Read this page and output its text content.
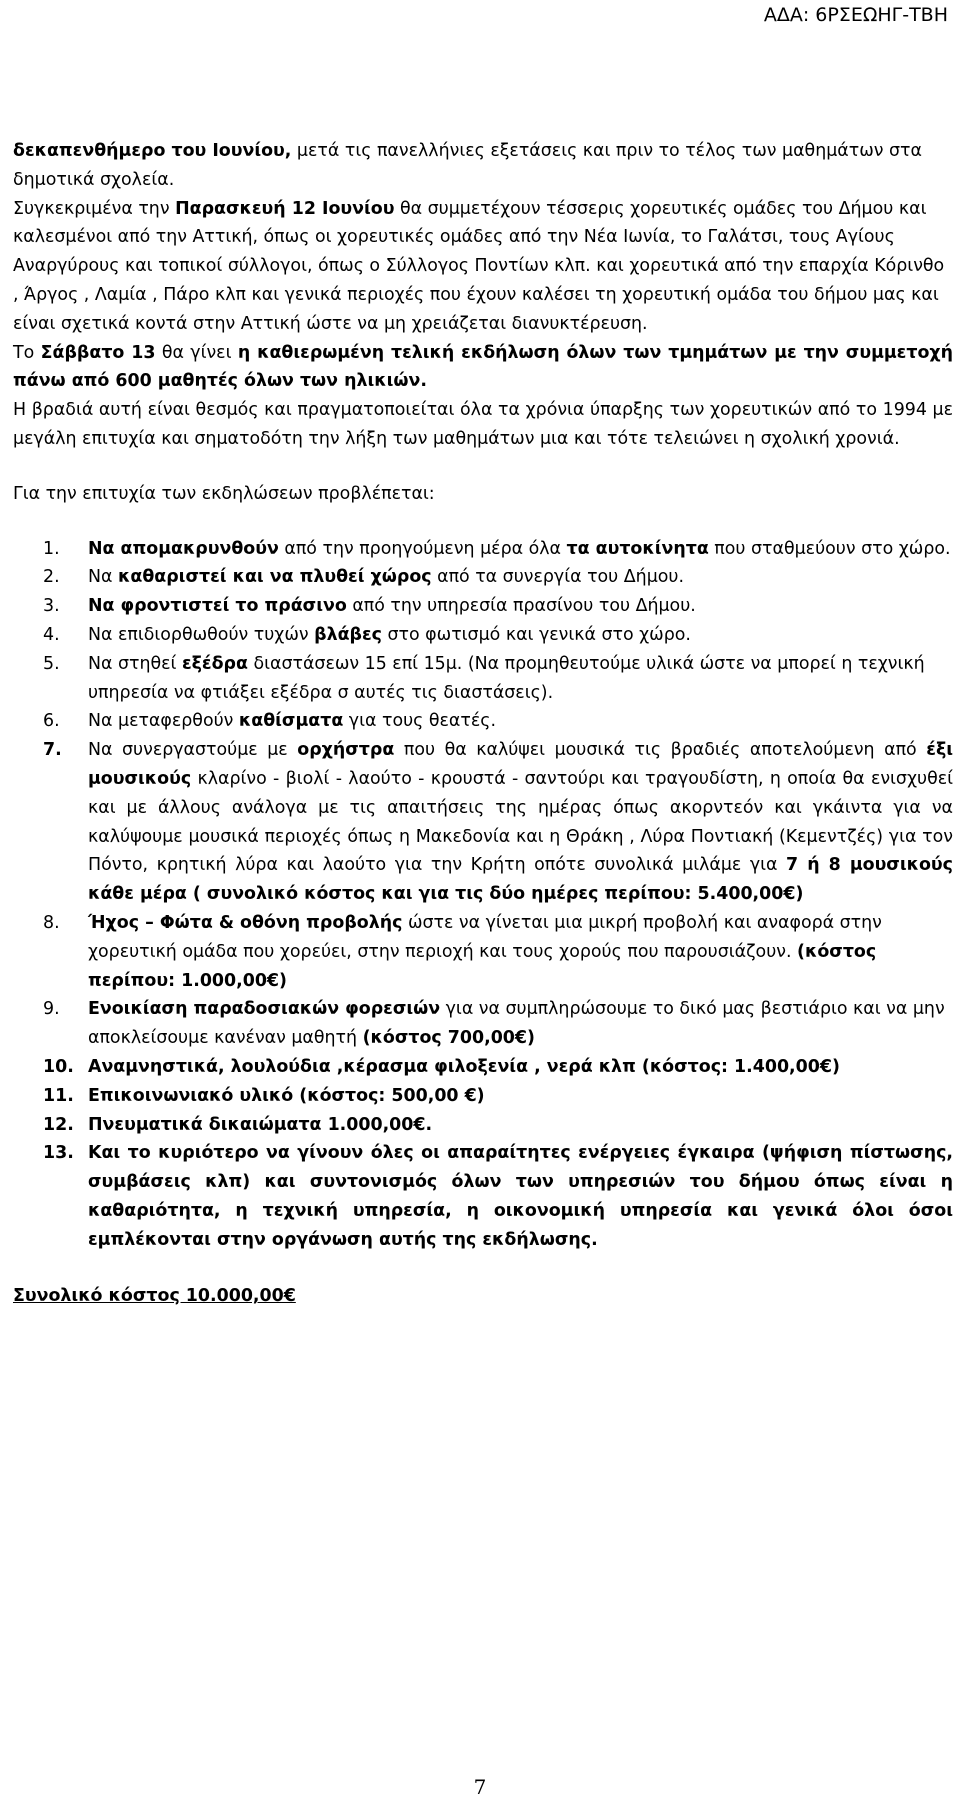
ΑΔΑ: 6ΡΣΕΩΗΓ-ΤΒΗ

δεκαπενθήμερο του Ιουνίου, μετά τις πανελλήνιες εξετάσεις και πριν το τέλος των μαθημάτων στα δημοτικά σχολεία.

Συγκεκριμένα την Παρασκευή 12 Ιουνίου θα συμμετέχουν τέσσερις χορευτικές ομάδες του Δήμου και καλεσμένοι από την Αττική, όπως οι χορευτικές ομάδες από την Νέα Ιωνία, το Γαλάτσι, τους Αγίους Αναργύρους και τοπικοί σύλλογοι, όπως ο Σύλλογος Ποντίων κλπ. και χορευτικά από την επαρχία Κόρινθο , Άργος , Λαμία , Πάρο κλπ και γενικά περιοχές που έχουν καλέσει τη χορευτική ομάδα του δήμου μας και είναι σχετικά κοντά στην Αττική ώστε να μη χρειάζεται διανυκτέρευση.

Το Σάββατο 13 θα γίνει η καθιερωμένη τελική εκδήλωση όλων των τμημάτων με την συμμετοχή πάνω από 600 μαθητές όλων των ηλικιών.

Η βραδιά αυτή είναι θεσμός και πραγματοποιείται όλα τα χρόνια ύπαρξης των χορευτικών από το 1994 με μεγάλη επιτυχία και σηματοδότη την λήξη των μαθημάτων μια και τότε τελειώνει η σχολική χρονιά.

Για την επιτυχία των εκδηλώσεων προβλέπεται:

1.	Να απομακρυνθούν από την προηγούμενη μέρα όλα τα αυτοκίνητα που σταθμεύουν στο χώρο.
2.	Να καθαριστεί και να πλυθεί χώρος από τα συνεργία του Δήμου.
3.	Να φροντιστεί το πράσινο από την υπηρεσία πρασίνου του Δήμου.
4.	Να επιδιορθωθούν τυχών βλάβες στο φωτισμό και γενικά στο χώρο.
5.	Να στηθεί εξέδρα διαστάσεων 15 επί 15μ. (Να προμηθευτούμε υλικά ώστε να μπορεί η τεχνική υπηρεσία να φτιάξει εξέδρα σ αυτές τις διαστάσεις).
6.	Να μεταφερθούν καθίσματα για τους θεατές.
7.	Να συνεργαστούμε με ορχήστρα που θα καλύψει μουσικά τις βραδιές αποτελούμενη από έξι μουσικούς κλαρίνο - βιολί - λαούτο - κρουστά - σαντούρι και τραγουδίστη, η οποία θα ενισχυθεί και με άλλους ανάλογα με τις απαιτήσεις της ημέρας όπως ακορντεόν και γκάιντα για να καλύψουμε μουσικά περιοχές όπως η Μακεδονία και η Θράκη , Λύρα Ποντιακή (Κεμεντζές) για τον Πόντο, κρητική λύρα και λαούτο για την Κρήτη οπότε συνολικά μιλάμε για 7 ή 8 μουσικούς κάθε μέρα ( συνολικό κόστος και για τις δύο ημέρες περίπου: 5.400,00€)
8.	Ήχος – Φώτα & οθόνη προβολής ώστε να γίνεται μια μικρή προβολή και αναφορά στην χορευτική ομάδα που χορεύει, στην περιοχή και τους χορούς που παρουσιάζουν. (κόστος περίπου: 1.000,00€)
9.	Ενοικίαση παραδοσιακών φορεσιών για να συμπληρώσουμε το δικό μας βεστιάριο και να μην αποκλείσουμε κανέναν μαθητή (κόστος 700,00€)
10. Αναμνηστικά, λουλούδια ,κέρασμα φιλοξενία , νερά κλπ (κόστος: 1.400,00€)
11. Επικοινωνιακό υλικό (κόστος: 500,00 €)
12. Πνευματικά δικαιώματα 1.000,00€.
13. Και το κυριότερο να γίνουν όλες οι απαραίτητες ενέργειες έγκαιρα (ψήφιση πίστωσης, συμβάσεις κλπ) και συντονισμός όλων των υπηρεσιών του δήμου όπως είναι η καθαριότητα, η τεχνική υπηρεσία, η οικονομική υπηρεσία και γενικά όλοι όσοι εμπλέκονται στην οργάνωση αυτής της εκδήλωσης.
Συνολικό κόστος 10.000,00€
7
